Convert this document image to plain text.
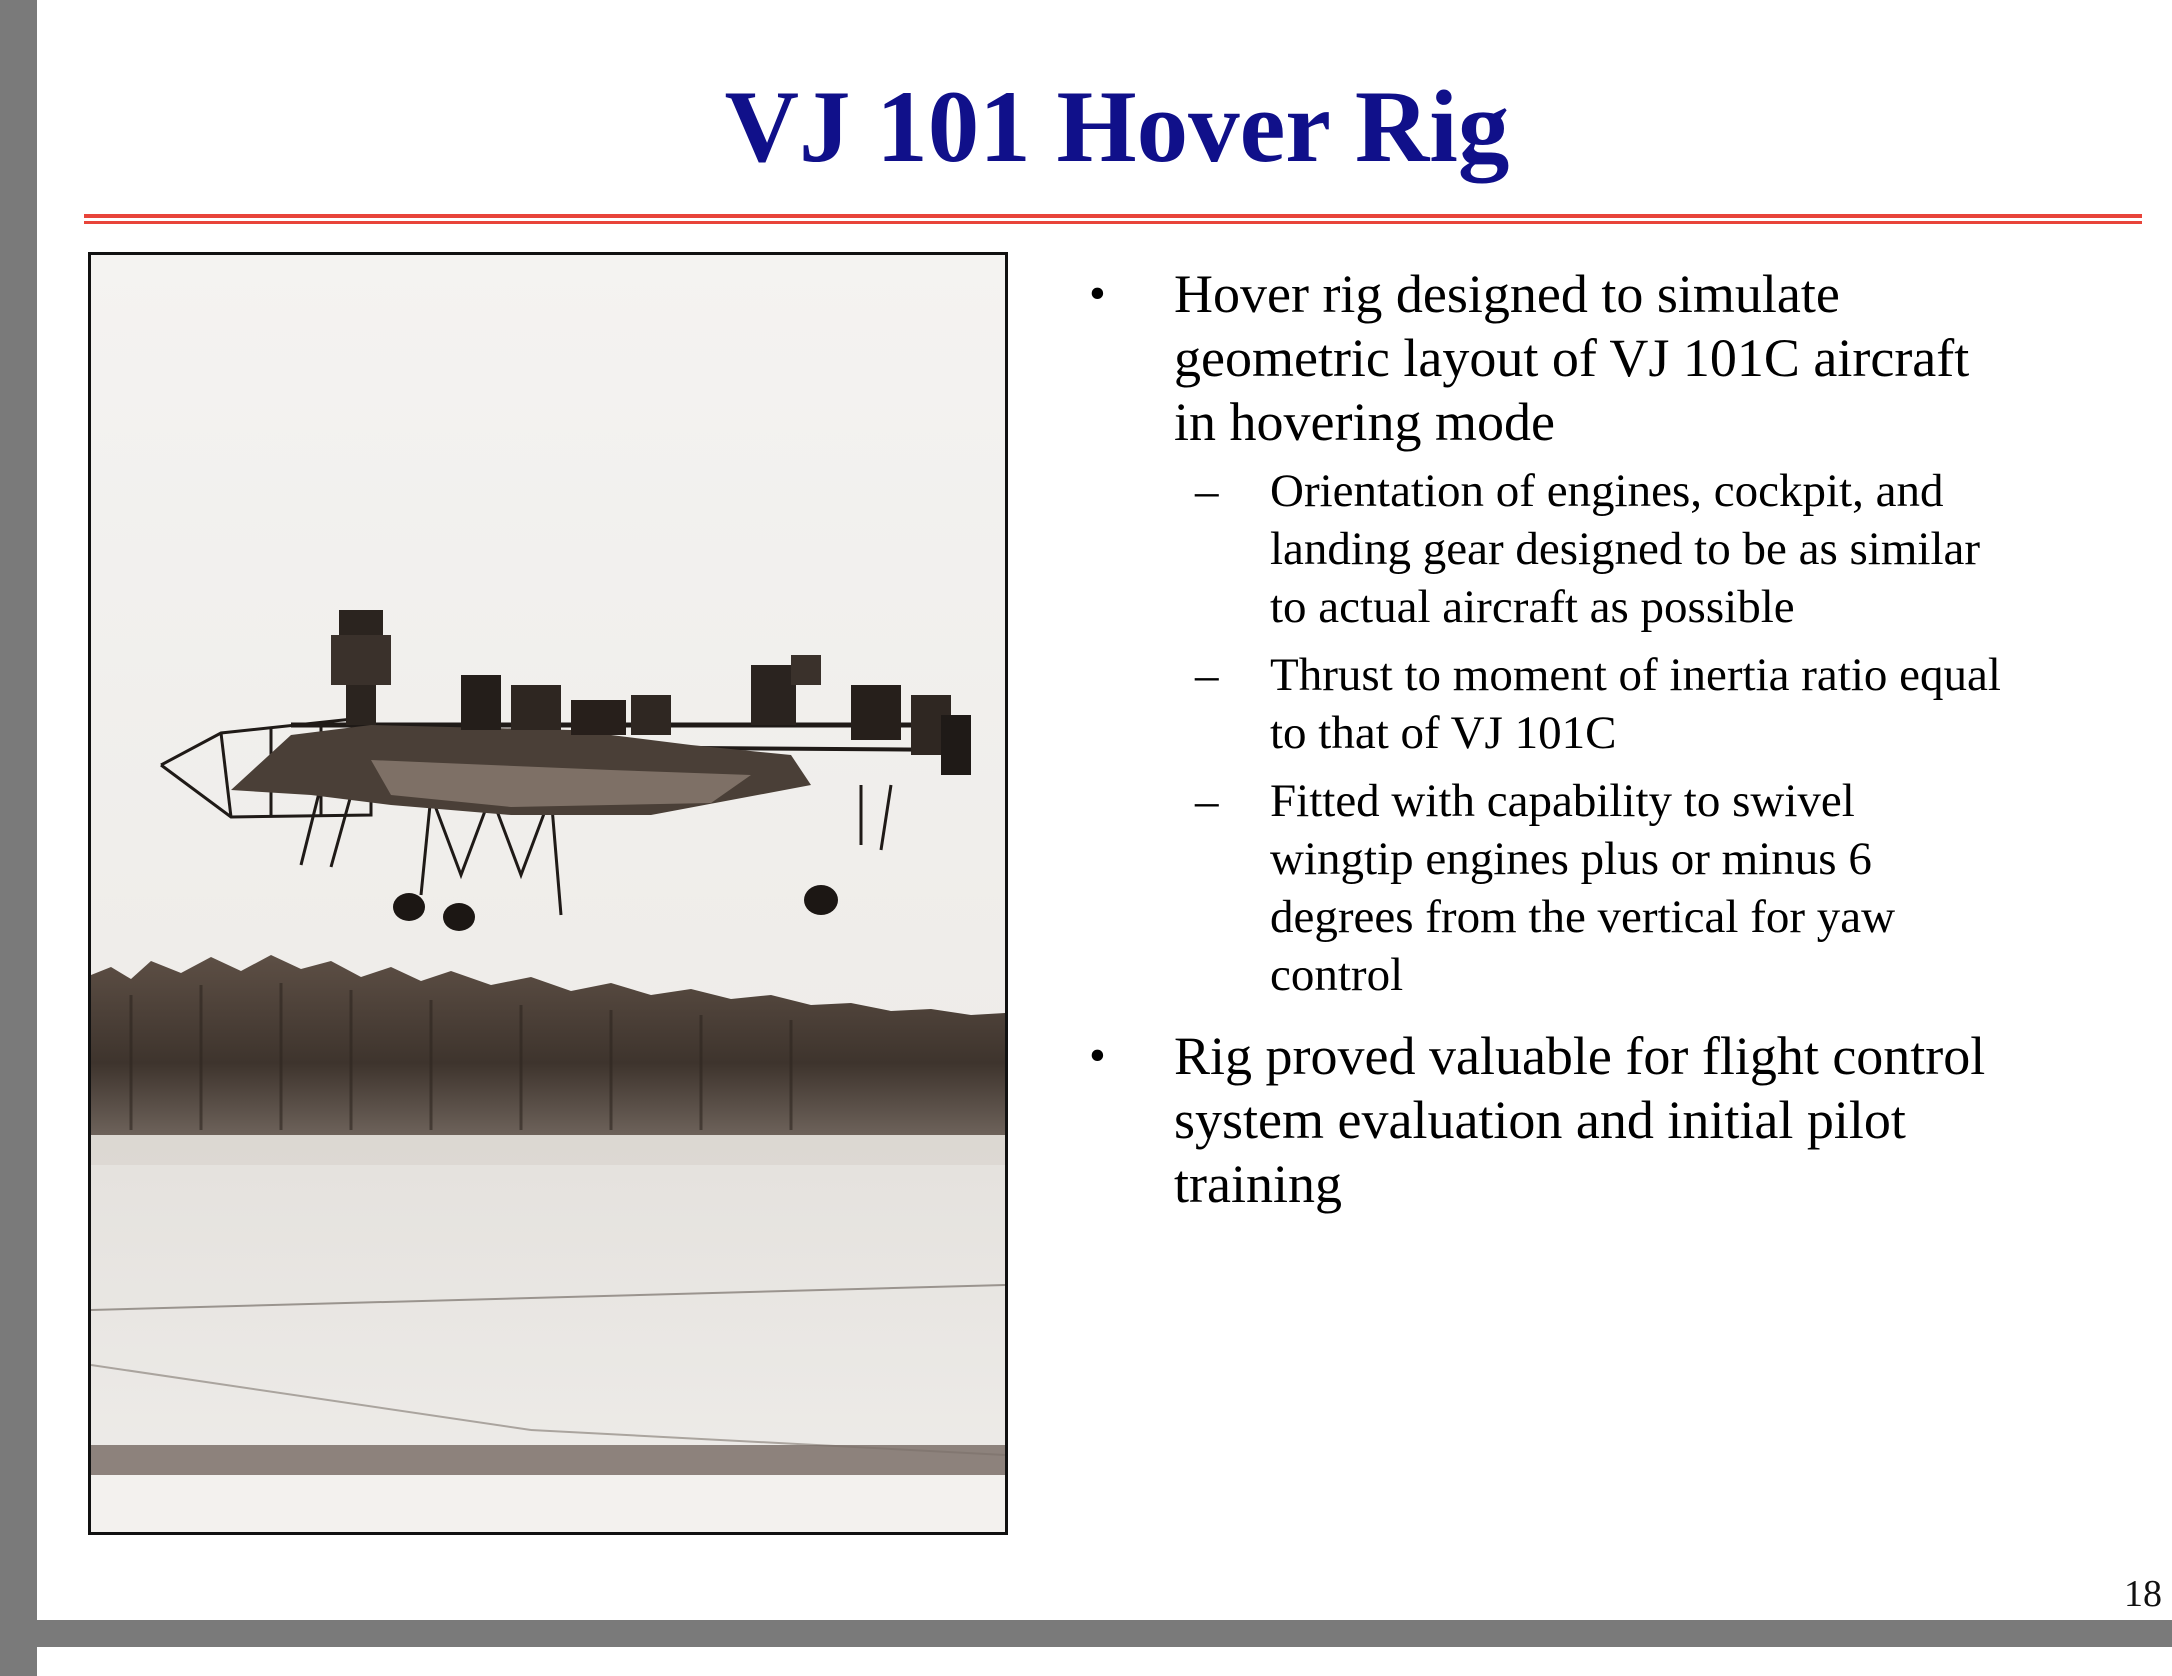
VJ 101 Hover Rig
• Hover rig designed to simulate
geometric layout of VJ 101C aircraft
in hovering mode
– Orientation of engines, cockpit, and
landing gear designed to be as similar
to actual aircraft as possible
– Thrust to moment of inertia ratio equal
to that of VJ 101C
– Fitted with capability to swivel
wingtip engines plus or minus 6
degrees from the vertical for yaw
control
• Rig proved valuable for flight control
system evaluation and initial pilot
training
18
